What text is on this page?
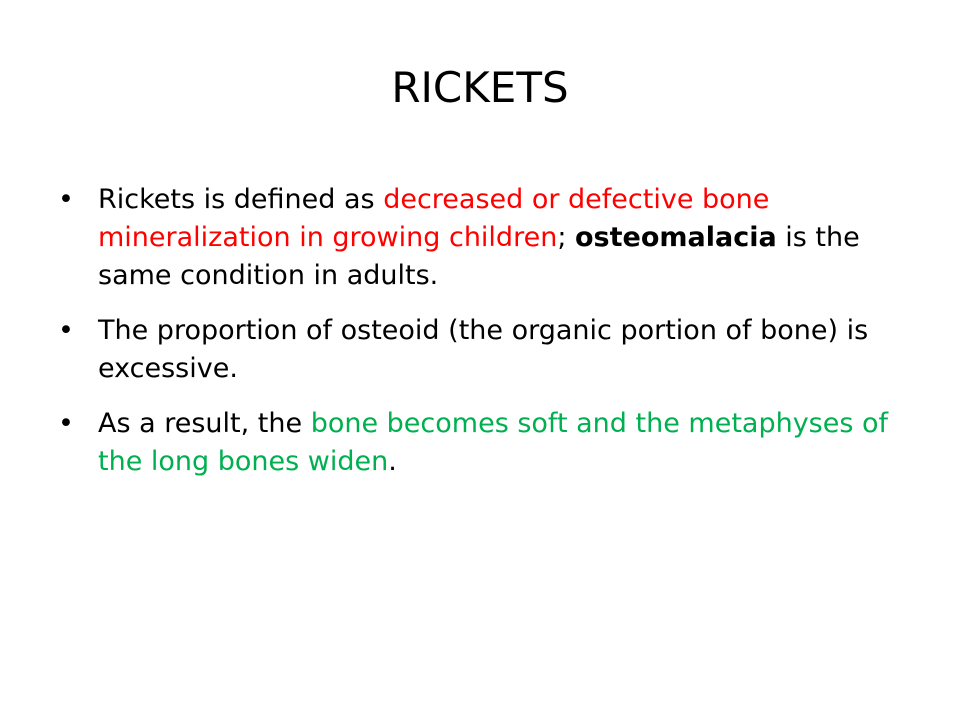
RICKETS
• Rickets is defined as decreased or defective bone mineralization in growing children; osteomalacia is the same condition in adults.
• The proportion of osteoid (the organic portion of bone) is excessive.
• As a result, the bone becomes soft and the metaphyses of the long bones widen.
